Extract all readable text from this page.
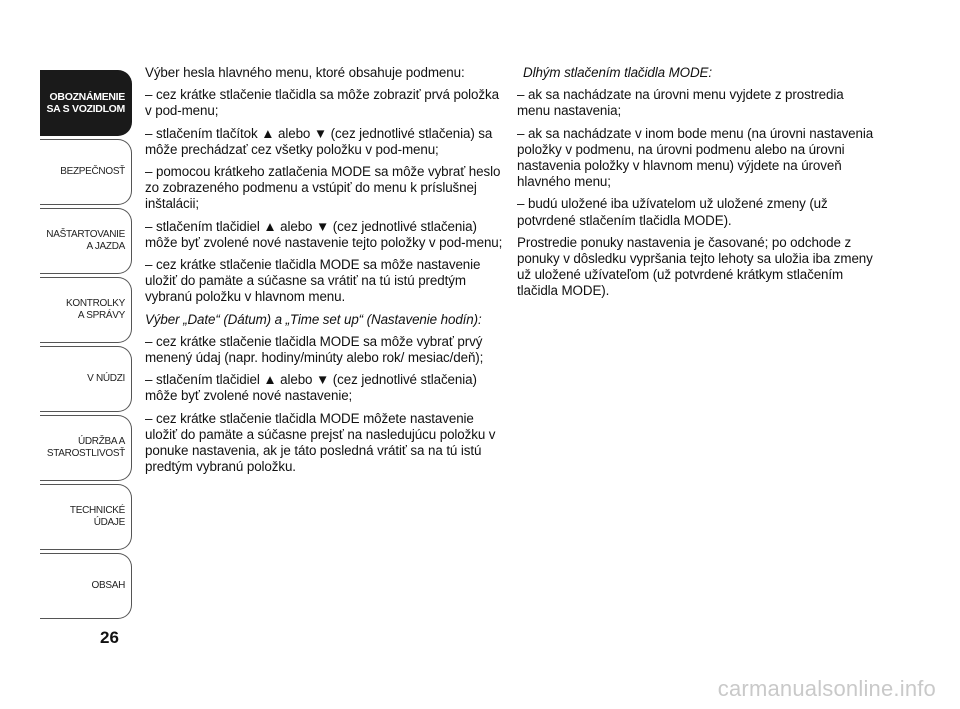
OBOZNÁMENIE
SA S VOZIDLOM
BEZPEČNOSŤ
NAŠTARTOVANIE
A JAZDA
KONTROLKY
A SPRÁVY
V NÚDZI
ÚDRŽBA A
STAROSTLIVOSŤ
TECHNICKÉ
ÚDAJE
OBSAH
26

Výber hesla hlavného menu, ktoré obsahuje podmenu:

– cez krátke stlačenie tlačidla sa môže zobraziť prvá položka v pod-menu;

– stlačením tlačítok ▲ alebo ▼ (cez jednotlivé stlačenia) sa môže prechádzať cez všetky položku v pod-menu;

– pomocou krátkeho zatlačenia MODE sa môže vybrať heslo zo zobrazeného podmenu a vstúpiť do menu k príslušnej inštalácii;

– stlačením tlačidiel ▲ alebo ▼ (cez jednotlivé stlačenia) môže byť zvolené nové nastavenie tejto položky v pod-menu;

– cez krátke stlačenie tlačidla MODE sa môže nastavenie uložiť do pamäte a súčasne sa vrátiť na tú istú predtým vybranú položku v hlavnom menu.

Výber „Date“ (Dátum) a „Time set up“ (Nastavenie hodín):

– cez krátke stlačenie tlačidla MODE sa môže vybrať prvý menený údaj (napr. hodiny/minúty alebo rok/ mesiac/deň);

– stlačením tlačidiel ▲ alebo ▼ (cez jednotlivé stlačenia) môže byť zvolené nové nastavenie;

– cez krátke stlačenie tlačidla MODE môžete nastavenie uložiť do pamäte a súčasne prejsť na nasledujúcu položku v ponuke nastavenia, ak je táto posledná vrátiť sa na tú istú predtým vybranú položku.

Dlhým stlačením tlačidla MODE:

– ak sa nachádzate na úrovni menu vyjdete z prostredia menu nastavenia;

– ak sa nachádzate v inom bode menu (na úrovni nastavenia položky v podmenu, na úrovni podmenu alebo na úrovni nastavenia položky v hlavnom menu) výjdete na úroveň hlavného menu;

– budú uložené iba užívatelom už uložené zmeny (už potvrdené stlačením tlačidla MODE).

Prostredie ponuky nastavenia je časované; po odchode z ponuky v dôsledku vypršania tejto lehoty sa uložia iba zmeny už uložené užívateľom (už potvrdené krátkym stlačením tlačidla MODE).

carmanualsonline.info
